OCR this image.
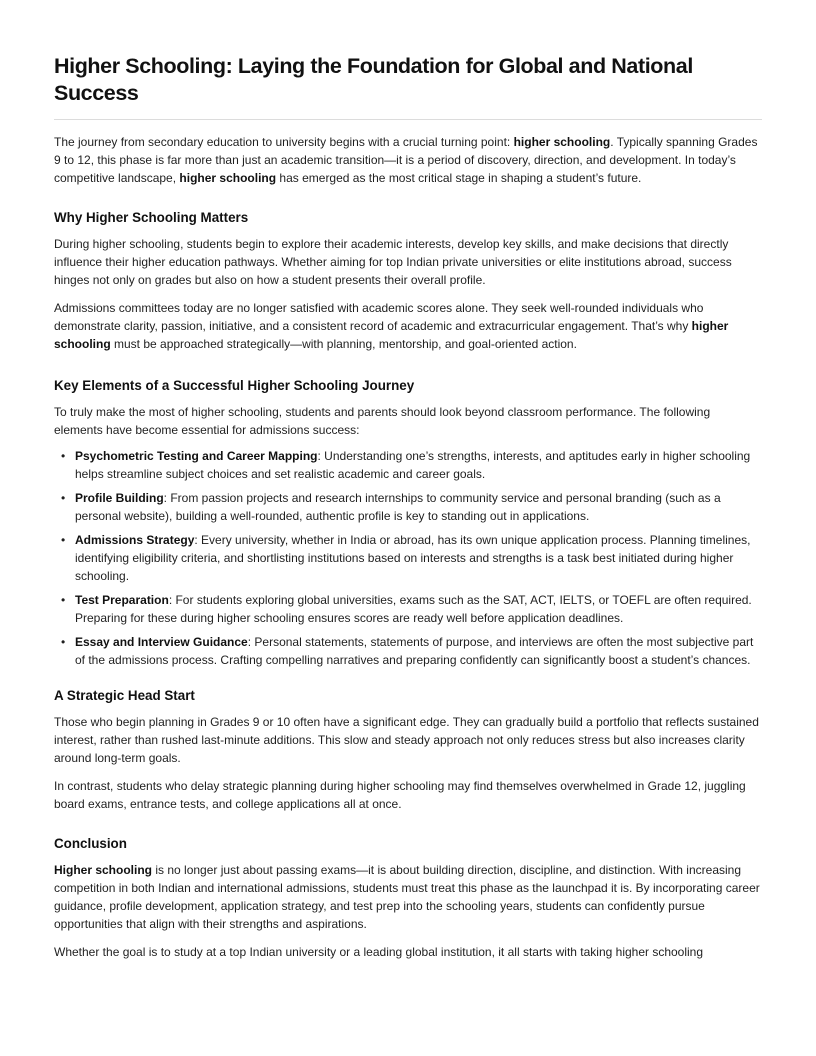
Higher Schooling: Laying the Foundation for Global and National Success

The journey from secondary education to university begins with a crucial turning point: higher schooling. Typically spanning Grades 9 to 12, this phase is far more than just an academic transition—it is a period of discovery, direction, and development. In today’s competitive landscape, higher schooling has emerged as the most critical stage in shaping a student’s future.

Why Higher Schooling Matters

During higher schooling, students begin to explore their academic interests, develop key skills, and make decisions that directly influence their higher education pathways. Whether aiming for top Indian private universities or elite institutions abroad, success hinges not only on grades but also on how a student presents their overall profile.

Admissions committees today are no longer satisfied with academic scores alone. They seek well-rounded individuals who demonstrate clarity, passion, initiative, and a consistent record of academic and extracurricular engagement. That’s why higher schooling must be approached strategically—with planning, mentorship, and goal-oriented action.

Key Elements of a Successful Higher Schooling Journey

To truly make the most of higher schooling, students and parents should look beyond classroom performance. The following elements have become essential for admissions success:

• Psychometric Testing and Career Mapping: Understanding one’s strengths, interests, and aptitudes early in higher schooling helps streamline subject choices and set realistic academic and career goals.
• Profile Building: From passion projects and research internships to community service and personal branding (such as a personal website), building a well-rounded, authentic profile is key to standing out in applications.
• Admissions Strategy: Every university, whether in India or abroad, has its own unique application process. Planning timelines, identifying eligibility criteria, and shortlisting institutions based on interests and strengths is a task best initiated during higher schooling.
• Test Preparation: For students exploring global universities, exams such as the SAT, ACT, IELTS, or TOEFL are often required. Preparing for these during higher schooling ensures scores are ready well before application deadlines.
• Essay and Interview Guidance: Personal statements, statements of purpose, and interviews are often the most subjective part of the admissions process. Crafting compelling narratives and preparing confidently can significantly boost a student’s chances.
A Strategic Head Start

Those who begin planning in Grades 9 or 10 often have a significant edge. They can gradually build a portfolio that reflects sustained interest, rather than rushed last-minute additions. This slow and steady approach not only reduces stress but also increases clarity around long-term goals.

In contrast, students who delay strategic planning during higher schooling may find themselves overwhelmed in Grade 12, juggling board exams, entrance tests, and college applications all at once.

Conclusion

Higher schooling is no longer just about passing exams—it is about building direction, discipline, and distinction. With increasing competition in both Indian and international admissions, students must treat this phase as the launchpad it is. By incorporating career guidance, profile development, application strategy, and test prep into the schooling years, students can confidently pursue opportunities that align with their strengths and aspirations.

Whether the goal is to study at a top Indian university or a leading global institution, it all starts with taking higher schooling
